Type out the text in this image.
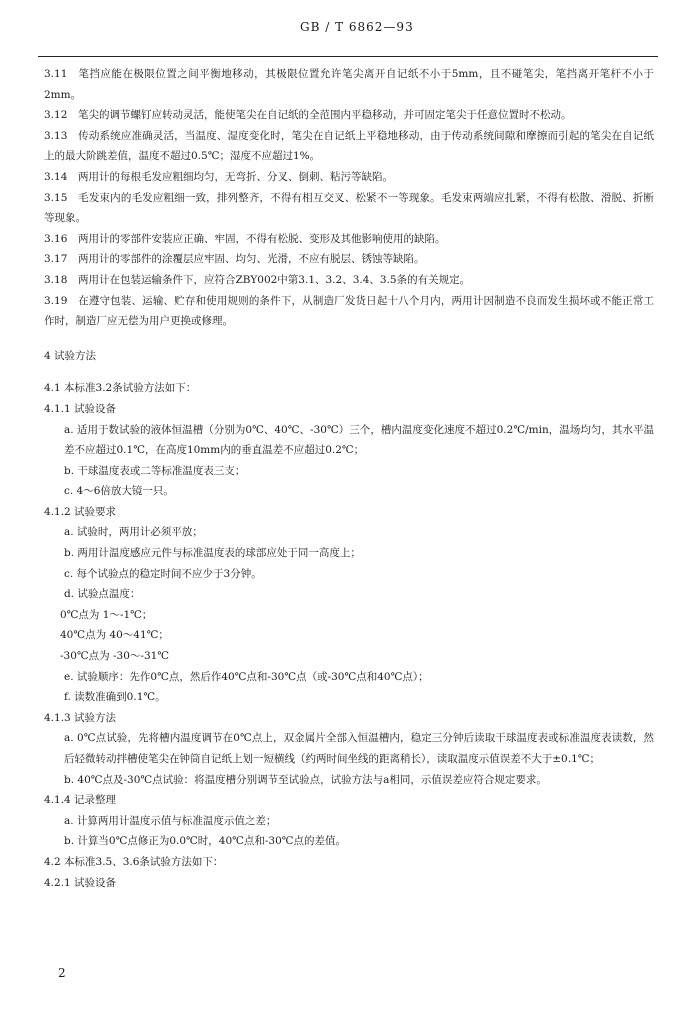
GB / T 6862—93

3.11 笔挡应能在极限位置之间平衡地移动，其极限位置允许笔尖离开自记纸不小于5mm，且不碰笔尖，笔挡离开笔杆不小于2mm。

3.12 笔尖的调节螺钉应转动灵活，能使笔尖在自记纸的全范围内平稳移动，并可固定笔尖于任意位置时不松动。

3.13 传动系统应准确灵活，当温度、湿度变化时，笔尖在自记纸上平稳地移动，由于传动系统间隙和摩擦而引起的笔尖在自记纸上的最大阶跳差值，温度不超过0.5℃；湿度不应超过1%。

3.14 两用计的每根毛发应粗细均匀，无弯折、分叉、倒刺、粘污等缺陷。

3.15 毛发束内的毛发应粗细一致，排列整齐，不得有相互交叉、松紧不一等现象。毛发束两端应扎紧，不得有松散、滑脱、折断等现象。

3.16 两用计的零部件安装应正确、牢固，不得有松脱、变形及其他影响使用的缺陷。

3.17 两用计的零部件的涂覆层应牢固、均匀、光滑，不应有脱层、锈蚀等缺陷。

3.18 两用计在包装运输条件下，应符合ZBY002中第3.1、3.2、3.4、3.5条的有关规定。

3.19 在遵守包装、运输、贮存和使用规则的条件下，从制造厂发货日起十八个月内，两用计因制造不良而发生损坏或不能正常工作时，制造厂应无偿为用户更换或修理。

4 试验方法

4.1 本标准3.2条试验方法如下：

4.1.1 试验设备

a. 适用于数试验的液体恒温槽（分别为0℃、40℃、-30℃）三个，槽内温度变化速度不超过0.2℃/min，温场均匀，其水平温差不应超过0.1℃，在高度10mm内的垂直温差不应超过0.2℃；

b. 干球温度表或二等标准温度表三支；

c. 4～6倍放大镜一只。

4.1.2 试验要求

a. 试验时，两用计必须平放；

b. 两用计温度感应元件与标准温度表的球部应处于同一高度上；

c. 每个试验点的稳定时间不应少于3分钟。

d. 试验点温度：

0℃点为 1～-1℃；

40℃点为 40～41℃；

-30℃点为 -30～-31℃

e. 试验顺序：先作0℃点，然后作40℃点和-30℃点（或-30℃点和40℃点）；

f. 读数准确到0.1℃。

4.1.3 试验方法

a. 0℃点试验，先将槽内温度调节在0℃点上，双金属片全部入恒温槽内，稳定三分钟后读取干球温度表或标准温度表读数，然后轻微转动拌槽使笔尖在钟筒自记纸上划一短横线（约两时间坐线的距离稍长），读取温度示值误差不大于±0.1℃；

b. 40℃点及-30℃点试验：将温度槽分别调节至试验点，试验方法与a相同，示值误差应符合规定要求。

4.1.4 记录整理

a. 计算两用计温度示值与标准温度示值之差；

b. 计算当0℃点修正为0.0℃时，40℃点和-30℃点的差值。

4.2 本标准3.5、3.6条试验方法如下：

4.2.1 试验设备

2
